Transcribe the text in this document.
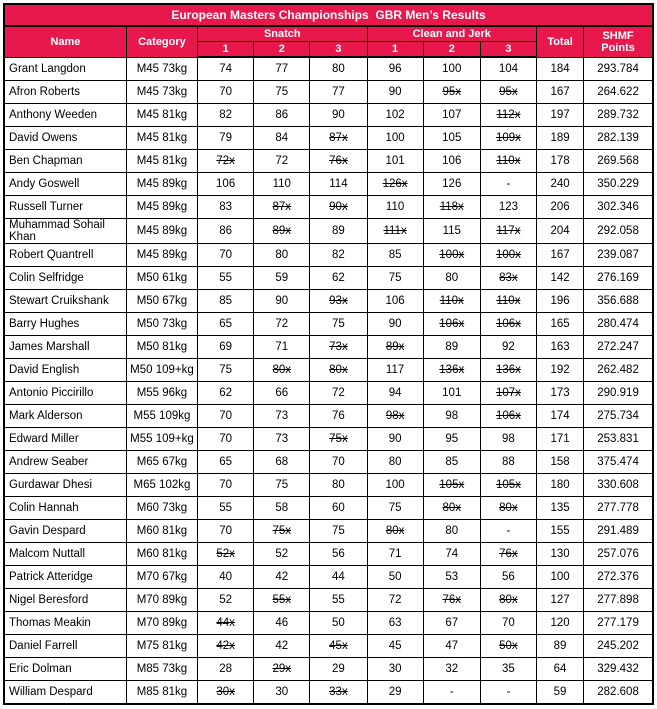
European Masters Championships  GBR Men’s Results									
Name	Category	Snatch			Clean and Jerk			Total	SHMF Points
		1	2	3	1	2	3		
Grant Langdon	M45 73kg	74	77	80	96	100	104	184	293.784
Afron Roberts	M45 73kg	70	75	77	90	95x	95x	167	264.622
Anthony Weeden	M45 81kg	82	86	90	102	107	112x	197	289.732
David Owens	M45 81kg	79	84	87x	100	105	109x	189	282.139
Ben Chapman	M45 81kg	72x	72	76x	101	106	110x	178	269.568
Andy Goswell	M45 89kg	106	110	114	126x	126	-	240	350.229
Russell Turner	M45 89kg	83	87x	90x	110	118x	123	206	302.346
Muhammad Sohail Khan	M45 89kg	86	89x	89	111x	115	117x	204	292.058
Robert Quantrell	M45 89kg	70	80	82	85	100x	100x	167	239.087
Colin Selfridge	M50 61kg	55	59	62	75	80	83x	142	276.169
Stewart Cruikshank	M50 67kg	85	90	93x	106	110x	110x	196	356.688
Barry Hughes	M50 73kg	65	72	75	90	106x	106x	165	280.474
James Marshall	M50 81kg	69	71	73x	89x	89	92	163	272.247
David English	M50 109+kg	75	80x	80x	117	136x	136x	192	262.482
Antonio Piccirillo	M55 96kg	62	66	72	94	101	107x	173	290.919
Mark Alderson	M55 109kg	70	73	76	98x	98	106x	174	275.734
Edward Miller	M55 109+kg	70	73	75x	90	95	98	171	253.831
Andrew Seaber	M65 67kg	65	68	70	80	85	88	158	375.474
Gurdawar Dhesi	M65 102kg	70	75	80	100	105x	105x	180	330.608
Colin Hannah	M60 73kg	55	58	60	75	80x	80x	135	277.778
Gavin Despard	M60 81kg	70	75x	75	80x	80	-	155	291.489
Malcom Nuttall	M60 81kg	52x	52	56	71	74	76x	130	257.076
Patrick Atteridge	M70 67kg	40	42	44	50	53	56	100	272.376
Nigel Beresford	M70 89kg	52	55x	55	72	76x	80x	127	277.898
Thomas Meakin	M70 89kg	44x	46	50	63	67	70	120	277.179
Daniel Farrell	M75 81kg	42x	42	45x	45	47	50x	89	245.202
Eric Dolman	M85 73kg	28	29x	29	30	32	35	64	329.432
William Despard	M85 81kg	30x	30	33x	29	-	-	59	282.608
